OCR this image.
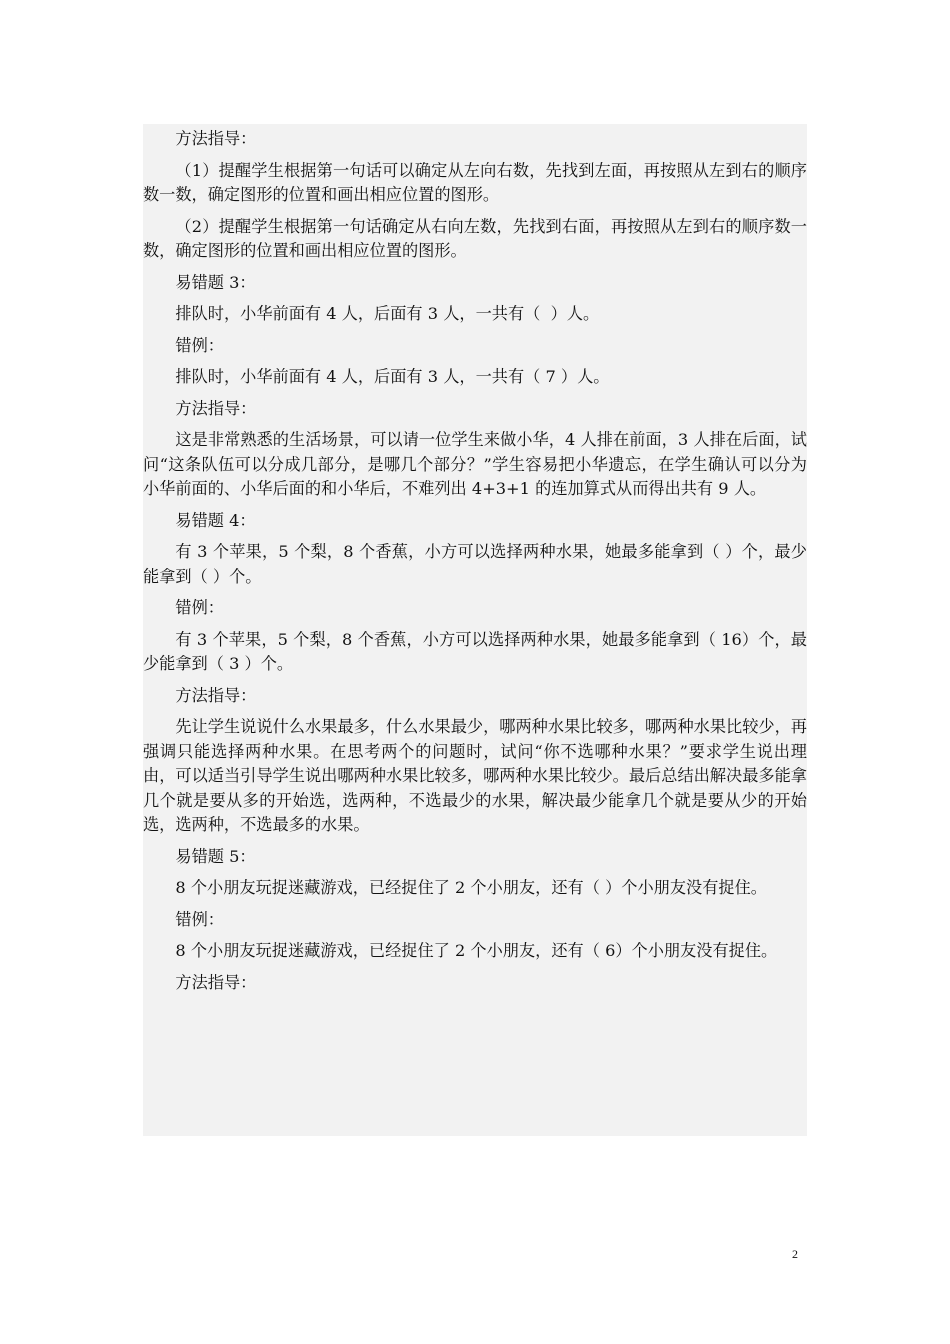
方法指导：

（1）提醒学生根据第一句话可以确定从左向右数，先找到左面，再按照从左到右的顺序数一数，确定图形的位置和画出相应位置的图形。

（2）提醒学生根据第一句话确定从右向左数，先找到右面，再按照从左到右的顺序数一数，确定图形的位置和画出相应位置的图形。

易错题 3：

排队时，小华前面有 4 人，后面有 3 人，一共有（  ）人。

错例：

排队时，小华前面有 4 人，后面有 3 人，一共有（ 7 ）人。

方法指导：

这是非常熟悉的生活场景，可以请一位学生来做小华，4 人排在前面，3 人排在后面，试问“这条队伍可以分成几部分，是哪几个部分？”学生容易把小华遗忘，在学生确认可以分为小华前面的、小华后面的和小华后，不难列出 4+3+1 的连加算式从而得出共有 9 人。

易错题 4：

有 3 个苹果，5 个梨，8 个香蕉，小方可以选择两种水果，她最多能拿到（ ）个，最少能拿到（ ）个。

错例：

有 3 个苹果，5 个梨，8 个香蕉，小方可以选择两种水果，她最多能拿到（ 16）个，最少能拿到（ 3 ）个。

方法指导：

先让学生说说什么水果最多，什么水果最少，哪两种水果比较多，哪两种水果比较少，再强调只能选择两种水果。在思考两个的问题时，试问“你不选哪种水果？”要求学生说出理由，可以适当引导学生说出哪两种水果比较多，哪两种水果比较少。最后总结出解决最多能拿几个就是要从多的开始选，选两种，不选最少的水果，解决最少能拿几个就是要从少的开始选，选两种，不选最多的水果。

易错题 5：

8 个小朋友玩捉迷藏游戏，已经捉住了 2 个小朋友，还有（ ）个小朋友没有捉住。

错例：

8 个小朋友玩捉迷藏游戏，已经捉住了 2 个小朋友，还有（ 6）个小朋友没有捉住。

方法指导：

2
